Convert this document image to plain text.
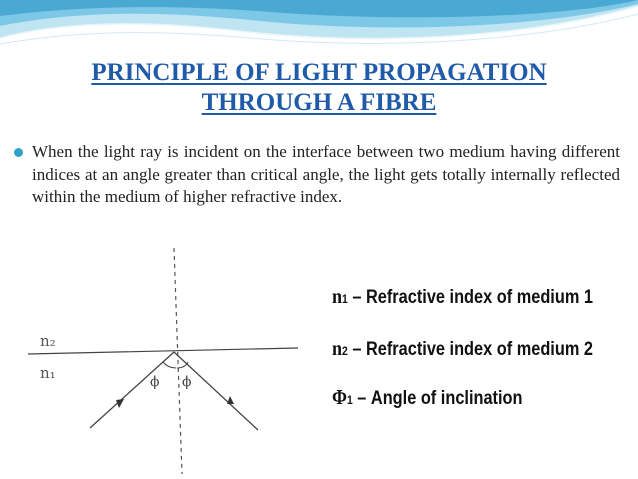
PRINCIPLE OF LIGHT PROPAGATION
THROUGH A FIBRE
When the light ray is incident on the interface between two medium having different indices at an angle greater than critical angle, the light gets totally internally reflected within the medium of higher refractive index.
n₂
n₁	ϕ ϕ
n1 – Refractive index of medium 1
n2 – Refractive index of medium 2
Φ1 – Angle of inclination
